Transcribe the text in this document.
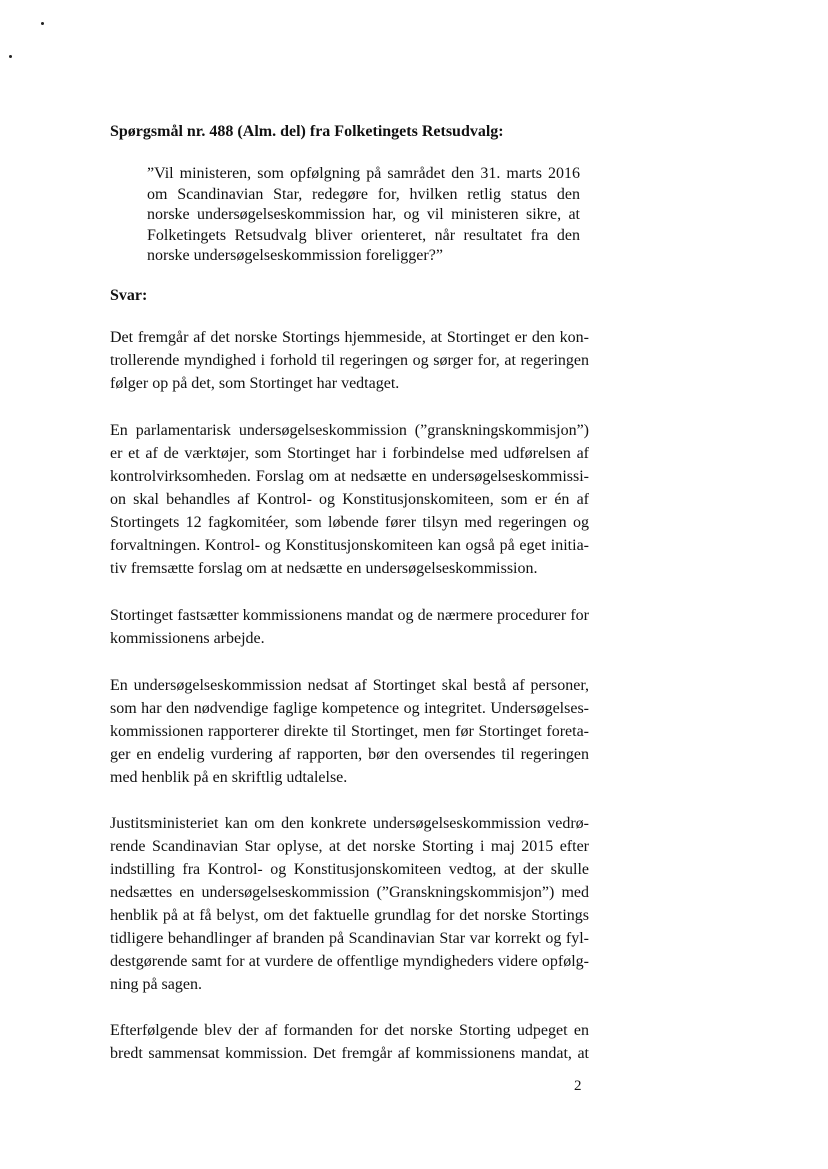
Spørgsmål nr. 488 (Alm. del) fra Folketingets Retsudvalg:
”Vil ministeren, som opfølgning på samrådet den 31. marts 2016 om Scandinavian Star, redegøre for, hvilken retlig status den norske undersøgelseskommission har, og vil ministeren sikre, at Folketingets Retsudvalg bliver orienteret, når resultatet fra den norske undersøgelseskommission foreligger?”
Svar:
Det fremgår af det norske Stortings hjemmeside, at Stortinget er den kon-
trollerende myndighed i forhold til regeringen og sørger for, at regeringen
følger op på det, som Stortinget har vedtaget.
En parlamentarisk undersøgelseskommission (”granskningskommisjon”)
er et af de værktøjer, som Stortinget har i forbindelse med udførelsen af
kontrolvirksomheden. Forslag om at nedsætte en undersøgelseskommissi-
on skal behandles af Kontrol- og Konstitusjonskomiteen, som er én af
Stortingets 12 fagkomitéer, som løbende fører tilsyn med regeringen og
forvaltningen. Kontrol- og Konstitusjonskomiteen kan også på eget initia-
tiv fremsætte forslag om at nedsætte en undersøgelseskommission.
Stortinget fastsætter kommissionens mandat og de nærmere procedurer for
kommissionens arbejde.
En undersøgelseskommission nedsat af Stortinget skal bestå af personer,
som har den nødvendige faglige kompetence og integritet. Undersøgelses-
kommissionen rapporterer direkte til Stortinget, men før Stortinget foreta-
ger en endelig vurdering af rapporten, bør den oversendes til regeringen
med henblik på en skriftlig udtalelse.
Justitsministeriet kan om den konkrete undersøgelseskommission vedrø-
rende Scandinavian Star oplyse, at det norske Storting i maj 2015 efter
indstilling fra Kontrol- og Konstitusjonskomiteen vedtog, at der skulle
nedsættes en undersøgelseskommission (”Granskningskommisjon”) med
henblik på at få belyst, om det faktuelle grundlag for det norske Stortings
tidligere behandlinger af branden på Scandinavian Star var korrekt og fyl-
destgørende samt for at vurdere de offentlige myndigheders videre opfølg-
ning på sagen.
Efterfølgende blev der af formanden for det norske Storting udpeget en
bredt sammensat kommission. Det fremgår af kommissionens mandat, at
2
